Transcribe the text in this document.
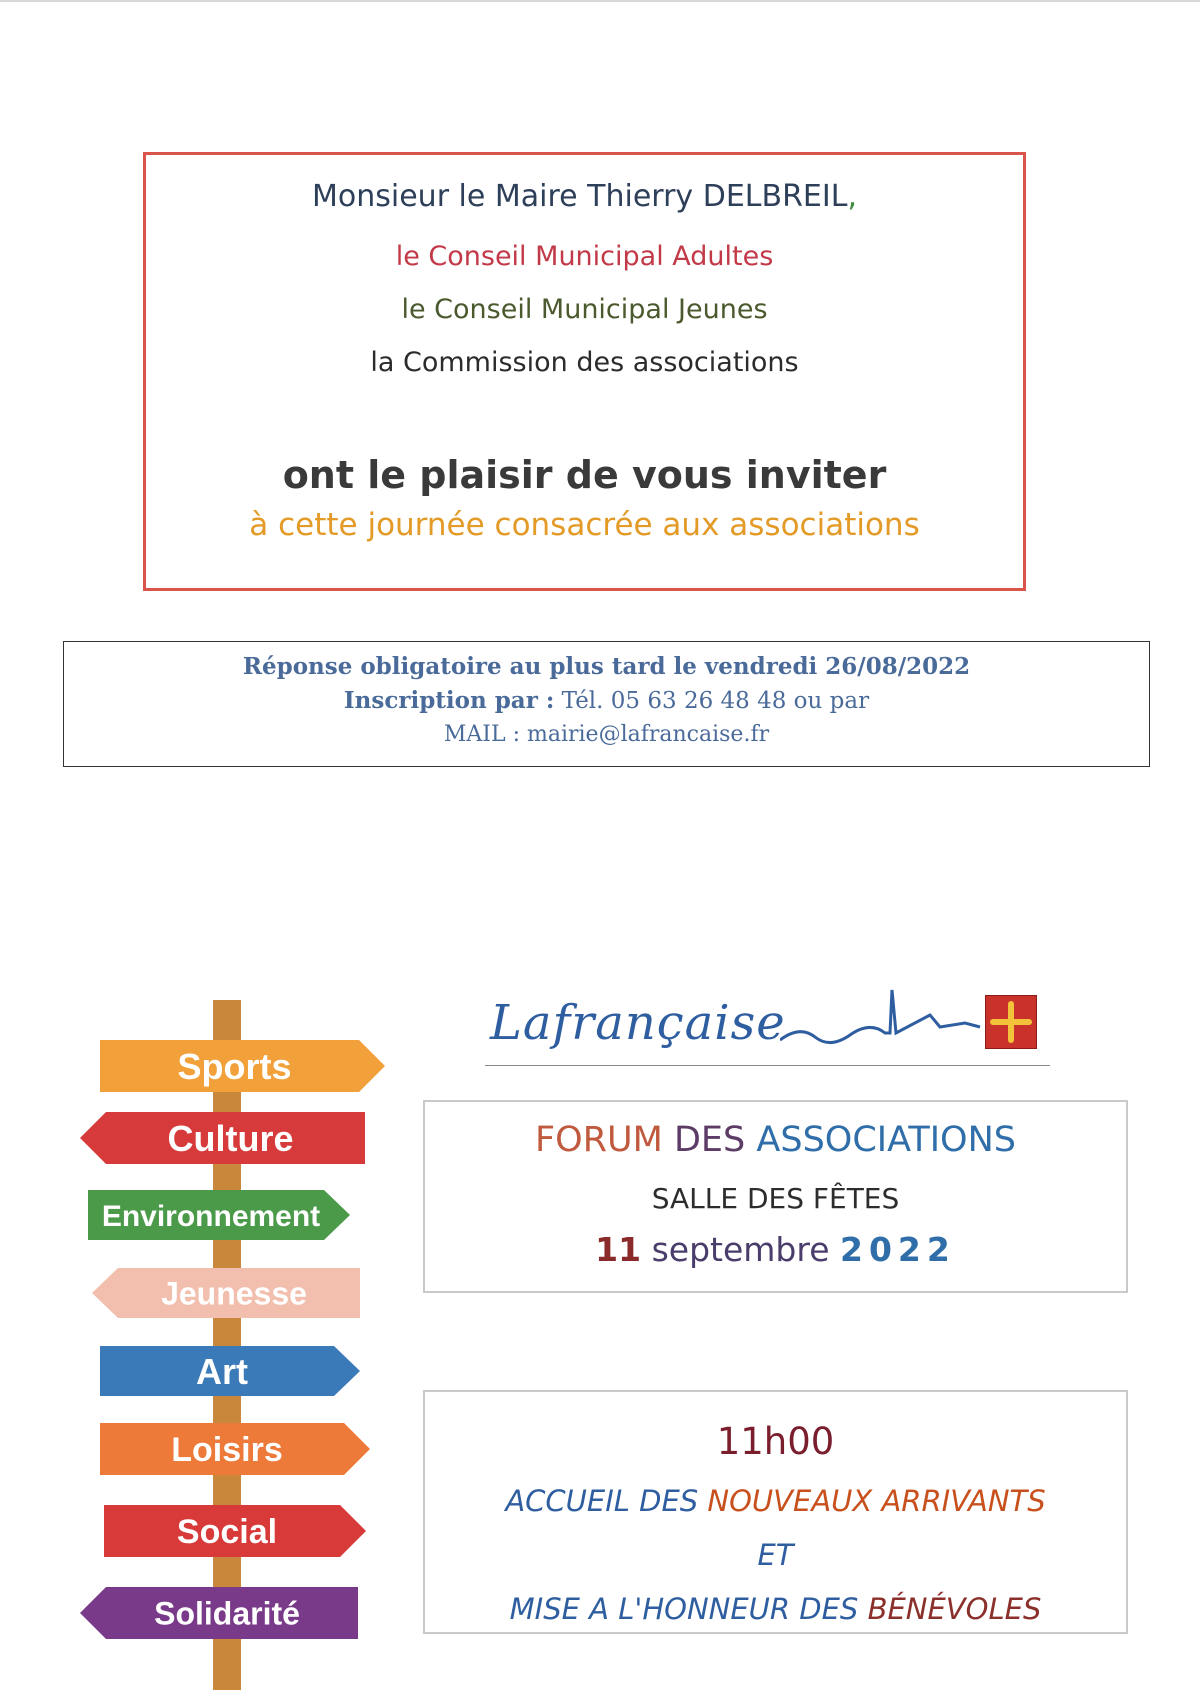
Monsieur le Maire Thierry DELBREIL,
le Conseil Municipal Adultes
le Conseil Municipal Jeunes
la Commission des associations
ont le plaisir de vous inviter
à cette journée consacrée aux associations
Réponse obligatoire au plus tard le vendredi 26/08/2022
Inscription par : Tél. 05 63 26 48 48 ou par
MAIL : mairie@lafrancaise.fr
Sports
Culture
Environnement
Jeunesse
Art
Loisirs
Social
Solidarité
Lafrançaise
FORUM DES ASSOCIATIONS
SALLE DES FÊTES
11 septembre 2022
11h00
ACCUEIL DES NOUVEAUX ARRIVANTS
ET
MISE A L'HONNEUR DES BÉNÉVOLES
